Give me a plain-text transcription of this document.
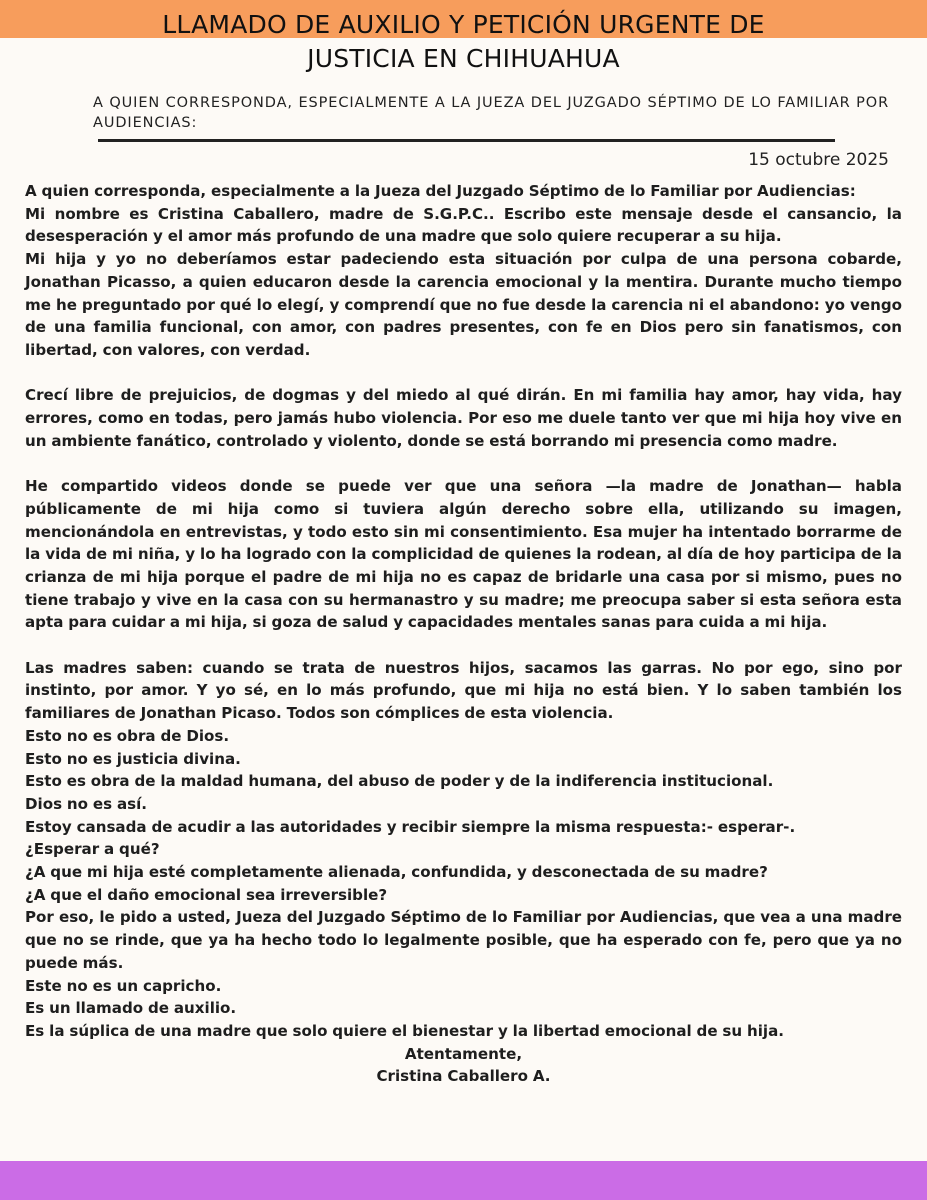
LLAMADO DE AUXILIO Y PETICIÓN URGENTE DE
JUSTICIA EN CHIHUAHUA
A QUIEN CORRESPONDA, ESPECIALMENTE A LA JUEZA DEL JUZGADO SÉPTIMO DE LO FAMILIAR POR AUDIENCIAS:
15 octubre 2025

A quien corresponda, especialmente a la Jueza del Juzgado Séptimo de lo Familiar por Audiencias:

Mi nombre es Cristina Caballero, madre de S.G.P.C.. Escribo este mensaje desde el cansancio, la desesperación y el amor más profundo de una madre que solo quiere recuperar a su hija.

Mi hija y yo no deberíamos estar padeciendo esta situación por culpa de una persona cobarde, Jonathan Picasso, a quien educaron desde la carencia emocional y la mentira. Durante mucho tiempo me he preguntado por qué lo elegí, y comprendí que no fue desde la carencia ni el abandono: yo vengo de una familia funcional, con amor, con padres presentes, con fe en Dios pero sin fanatismos, con libertad, con valores, con verdad.

Crecí libre de prejuicios, de dogmas y del miedo al qué dirán. En mi familia hay amor, hay vida, hay errores, como en todas, pero jamás hubo violencia. Por eso me duele tanto ver que mi hija hoy vive en un ambiente fanático, controlado y violento, donde se está borrando mi presencia como madre.

He compartido videos donde se puede ver que una señora —la madre de Jonathan— habla públicamente de mi hija como si tuviera algún derecho sobre ella, utilizando su imagen, mencionándola en entrevistas, y todo esto sin mi consentimiento. Esa mujer ha intentado borrarme de la vida de mi niña, y lo ha logrado con la complicidad de quienes la rodean, al día de hoy participa de la crianza de mi hija porque el padre de mi hija no es capaz de bridarle una casa por si mismo, pues no tiene trabajo y vive en la casa con su hermanastro y su madre; me preocupa saber si esta señora esta apta para cuidar a mi hija, si goza de salud y capacidades mentales sanas para cuida a mi hija.

Las madres saben: cuando se trata de nuestros hijos, sacamos las garras. No por ego, sino por instinto, por amor. Y yo sé, en lo más profundo, que mi hija no está bien. Y lo saben también los familiares de Jonathan Picaso. Todos son cómplices de esta violencia.

Esto no es obra de Dios.

Esto no es justicia divina.

Esto es obra de la maldad humana, del abuso de poder y de la indiferencia institucional.

Dios no es así.

Estoy cansada de acudir a las autoridades y recibir siempre la misma respuesta:- esperar-.

¿Esperar a qué?

¿A que mi hija esté completamente alienada, confundida, y desconectada de su madre?

¿A que el daño emocional sea irreversible?

Por eso, le pido a usted, Jueza del Juzgado Séptimo de lo Familiar por Audiencias, que vea a una madre que no se rinde, que ya ha hecho todo lo legalmente posible, que ha esperado con fe, pero que ya no puede más.

Este no es un capricho.

Es un llamado de auxilio.

Es la súplica de una madre que solo quiere el bienestar y la libertad emocional de su hija.

Atentamente,

Cristina Caballero A.
